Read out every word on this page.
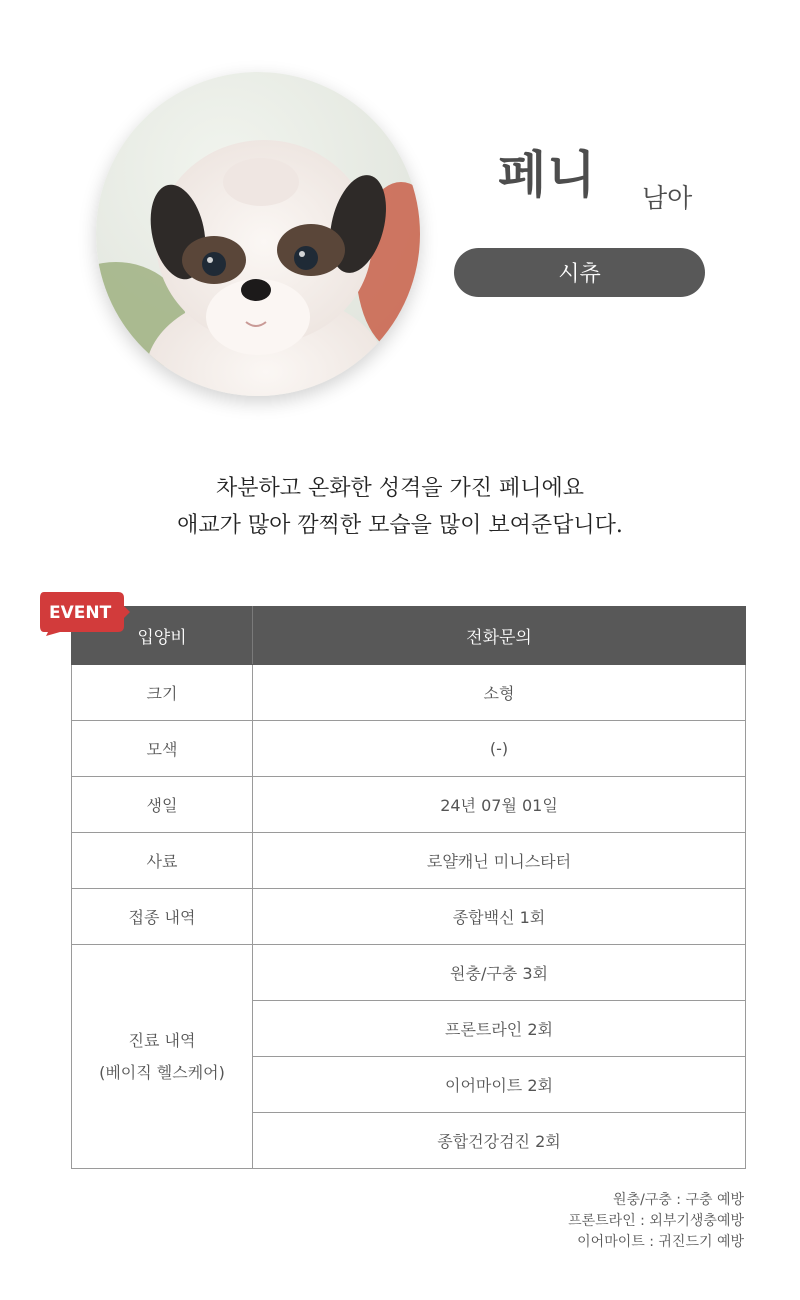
페니 남아
시츄
차분하고 온화한 성격을 가진 페니에요
애교가 많아 깜찍한 모습을 많이 보여준답니다.
입양비	전화문의
크기	소형
모색	(-)
생일	24년 07월 01일
사료	로얄캐닌 미니스타터
접종 내역	종합백신 1회

진료 내역
(베이직 헬스케어)	원충/구충 3회
	프론트라인 2회
	이어마이트 2회
	종합건강검진 2회
EVENT
원충/구충 : 구충 예방
프론트라인 : 외부기생충예방
이어마이트 : 귀진드기 예방
